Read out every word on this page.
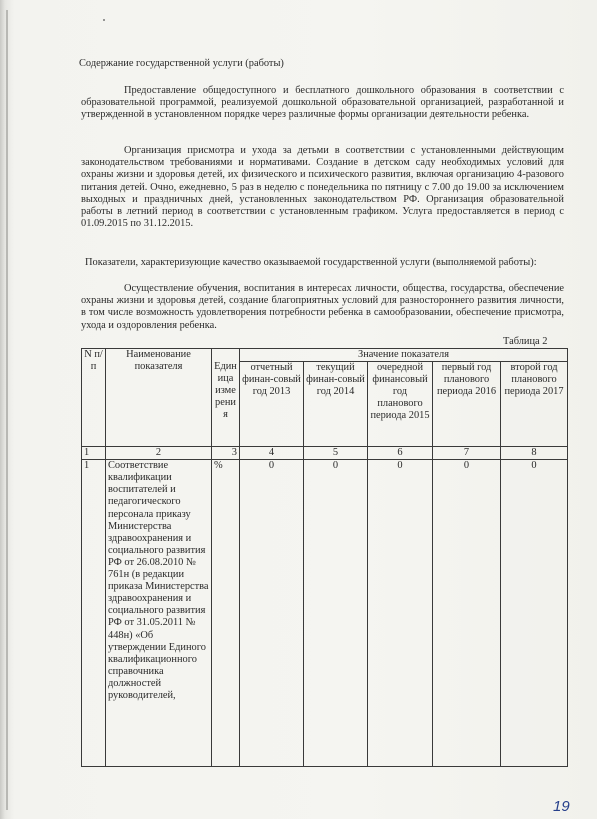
Содержание государственной услуги (работы)
Предоставление общедоступного и бесплатного дошкольного образования в соответствии с образовательной программой, реализуемой дошкольной образовательной организацией, разработанной и утвержденной в установленном порядке через различные формы организации деятельности ребенка.
Организация присмотра и ухода за детьми в соответствии с установленными действующим законодательством требованиями и нормативами. Создание в детском саду необходимых условий для охраны жизни и здоровья детей, их физического и психического развития, включая организацию 4-разового питания детей. Очно, ежедневно, 5 раз в неделю с понедельника по пятницу с 7.00 до 19.00 за исключением выходных и праздничных дней, установленных законодательством РФ. Организация образовательной работы в летний период в соответствии с установленным графиком. Услуга предоставляется в период с 01.09.2015 по 31.12.2015.
Показатели, характеризующие качество оказываемой государственной услуги (выполняемой работы):
Осуществление обучения, воспитания в интересах личности, общества, государства, обеспечение охраны жизни и здоровья детей, создание благоприятных условий для разностороннего развития личности, в том числе возможность удовлетворения потребности ребенка в самообразовании, обеспечение присмотра, ухода и оздоровления ребенка.
Таблица 2
N п/п	Наименование показателя	Единица измерения	Значение показателя				
			отчетный финан-совый год 2013	текущий финан-совый год 2014	очередной финансовый год планового периода 2015	первый год планового периода 2016	второй год планового периода 2017
1	2	3	4	5	6	7	8
1	Соответствие квалификации воспитателей и педагогического персонала приказу Министерства здравоохранения и социального развития РФ от 26.08.2010 № 761н (в редакции приказа Министерства здравоохранения и социального развития РФ от 31.05.2011 № 448н) «Об утверждении Единого квалификационного справочника должностей руководителей,	%	0	0	0	0	0
19
